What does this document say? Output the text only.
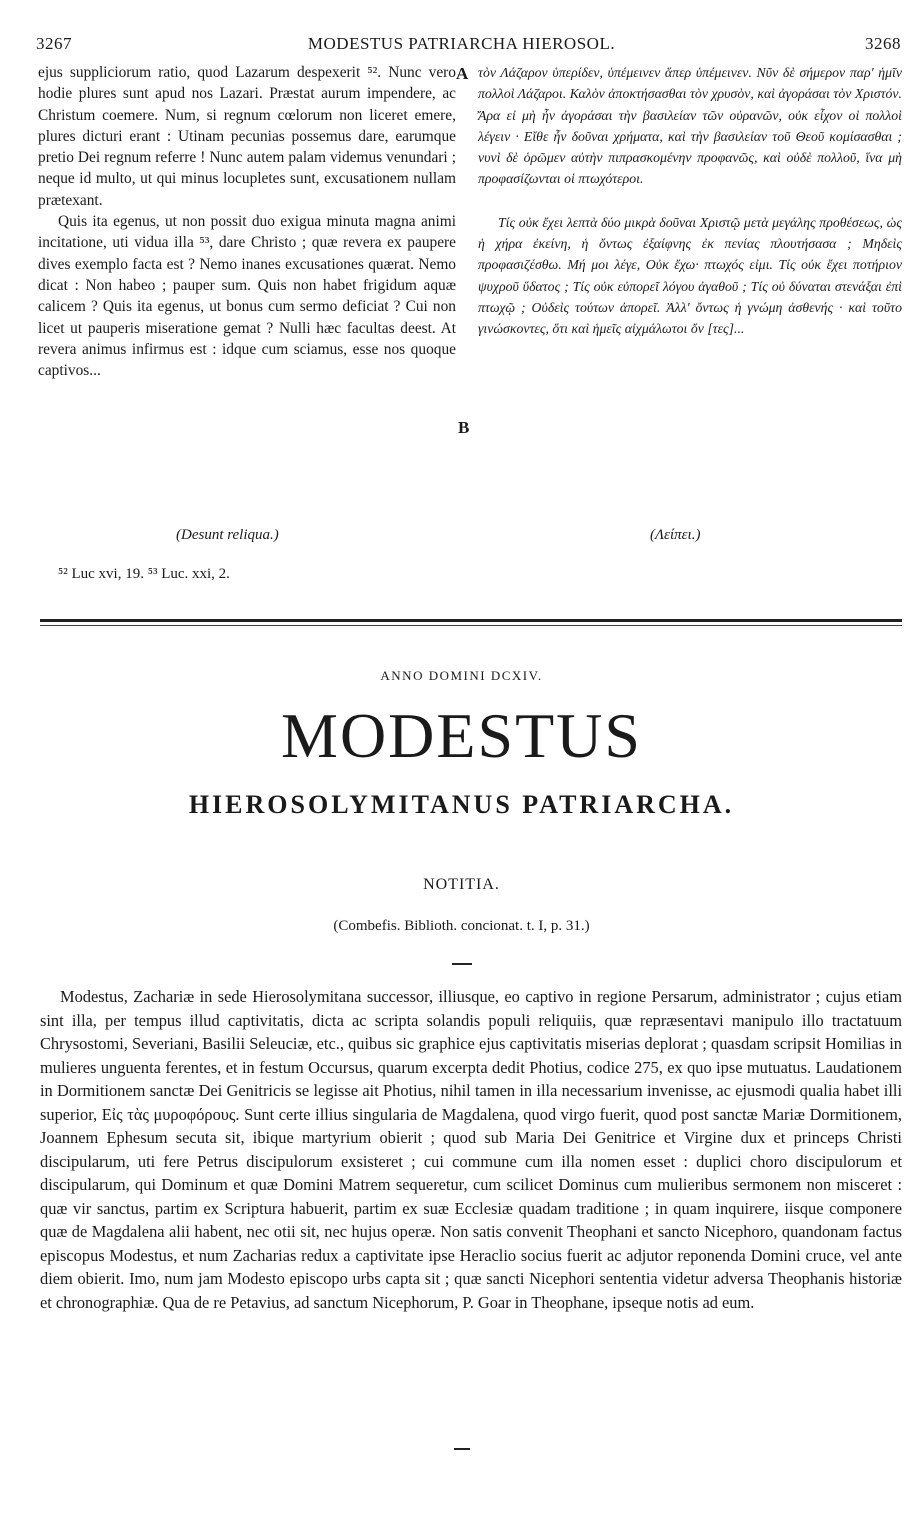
3267	MODESTUS PATRIARCHA HIEROSOL.	3268

ejus suppliciorum ratio, quod Lazarum despexerit ⁵². Nunc vero hodie plures sunt apud nos Lazari. Præstat aurum impendere, ac Christum coemere. Num, si regnum cœlorum non liceret emere, plures dicturi erant : Utinam pecunias possemus dare, earumque pretio Dei regnum referre ! Nunc autem palam videmus venundari ; neque id multo, ut qui minus locupletes sunt, excusationem nullam prætexant.

Quis ita egenus, ut non possit duo exigua minuta magna animi incitatione, uti vidua illa ⁵³, dare Christo ; quæ revera ex paupere dives exemplo facta est ? Nemo inanes excusationes quærat. Nemo dicat : Non habeo ; pauper sum. Quis non habet frigidum aquæ calicem ? Quis ita egenus, ut bonus cum sermo deficiat ? Cui non licet ut pauperis miseratione gemat ? Nulli hæc facultas deest. At revera animus infirmus est : idque cum sciamus, esse nos quoque captivos...

(Desunt reliqua.)
A
B

τὸν Λάζαρον ὑπερίδεν, ὑπέμεινεν ἅπερ ὑπέμεινεν. Νῦν δὲ σήμερον παρ' ἡμῖν πολλοὶ Λάζαροι. Καλὸν ἀποκτήσασθαι τὸν χρυσὸν, καὶ ἀγοράσαι τὸν Χριστόν. Ἄρα εἰ μὴ ἦν ἀγοράσαι τὴν βασιλείαν τῶν οὐρανῶν, οὐκ εἶχον οἱ πολλοὶ λέγειν · Εἴθε ἦν δοῦναι χρήματα, καὶ τὴν βασιλείαν τοῦ Θεοῦ κομίσασθαι ; νυνὶ δὲ ὁρῶμεν αὐτὴν πιπρασκομένην προφανῶς, καὶ οὐδὲ πολλοῦ, ἵνα μὴ προφασίζωνται οἱ πτωχότεροι.

Τίς οὐκ ἔχει λεπτὰ δύο μικρὰ δοῦναι Χριστῷ μετὰ μεγάλης προθέσεως, ὡς ἡ χήρα ἐκείνη, ἡ ὄντως ἐξαίφνης ἐκ πενίας πλουτήσασα ; Μηδεὶς προφασιζέσθω. Μή μοι λέγε, Οὐκ ἔχω· πτωχός εἰμι. Τίς οὐκ ἔχει ποτήριον ψυχροῦ ὕδατος ; Τίς οὐκ εὐπορεῖ λόγου ἀγαθοῦ ; Τίς οὐ δύναται στενάξαι ἐπὶ πτωχῷ ; Οὐδεὶς τούτων ἀπορεῖ. Ἀλλ' ὄντως ἡ γνώμη ἀσθενής · καὶ τοῦτο γινώσκοντες, ὅτι καὶ ἡμεῖς αἰχμάλωτοι ὄν [τες]...

(Λείπει.)
⁵² Luc xvi, 19. ⁵³ Luc. xxi, 2.
ANNO DOMINI DCXIV.
MODESTUS
HIEROSOLYMITANUS PATRIARCHA.
NOTITIA.
(Combefis. Biblioth. concionat. t. I, p. 31.)

Modestus, Zachariæ in sede Hierosolymitana successor, illiusque, eo captivo in regione Persarum, administrator ; cujus etiam sint illa, per tempus illud captivitatis, dicta ac scripta solandis populi reliquiis, quæ repræsentavi manipulo illo tractatuum Chrysostomi, Severiani, Basilii Seleuciæ, etc., quibus sic graphice ejus captivitatis miserias deplorat ; quasdam scripsit Homilias in mulieres unguenta ferentes, et in festum Occursus, quarum excerpta dedit Photius, codice 275, ex quo ipse mutuatus. Laudationem in Dormitionem sanctæ Dei Genitricis se legisse ait Photius, nihil tamen in illa necessarium invenisse, ac ejusmodi qualia habet illi superior, Εἰς τὰς μυροφόρους. Sunt certe illius singularia de Magdalena, quod virgo fuerit, quod post sanctæ Mariæ Dormitionem, Joannem Ephesum secuta sit, ibique martyrium obierit ; quod sub Maria Dei Genitrice et Virgine dux et princeps Christi discipularum, uti fere Petrus discipulorum exsisteret ; cui commune cum illa nomen esset : duplici choro discipulorum et discipularum, qui Dominum et quæ Domini Matrem sequeretur, cum scilicet Dominus cum mulieribus sermonem non misceret : quæ vir sanctus, partim ex Scriptura habuerit, partim ex suæ Ecclesiæ quadam traditione ; in quam inquirere, iisque componere quæ de Magdalena alii habent, nec otii sit, nec hujus operæ. Non satis convenit Theophani et sancto Nicephoro, quandonam factus episcopus Modestus, et num Zacharias redux a captivitate ipse Heraclio socius fuerit ac adjutor reponenda Domini cruce, vel ante diem obierit. Imo, num jam Modesto episcopo urbs capta sit ; quæ sancti Nicephori sententia videtur adversa Theophanis historiæ et chronographiæ. Qua de re Petavius, ad sanctum Nicephorum, P. Goar in Theophane, ipseque notis ad eum.
